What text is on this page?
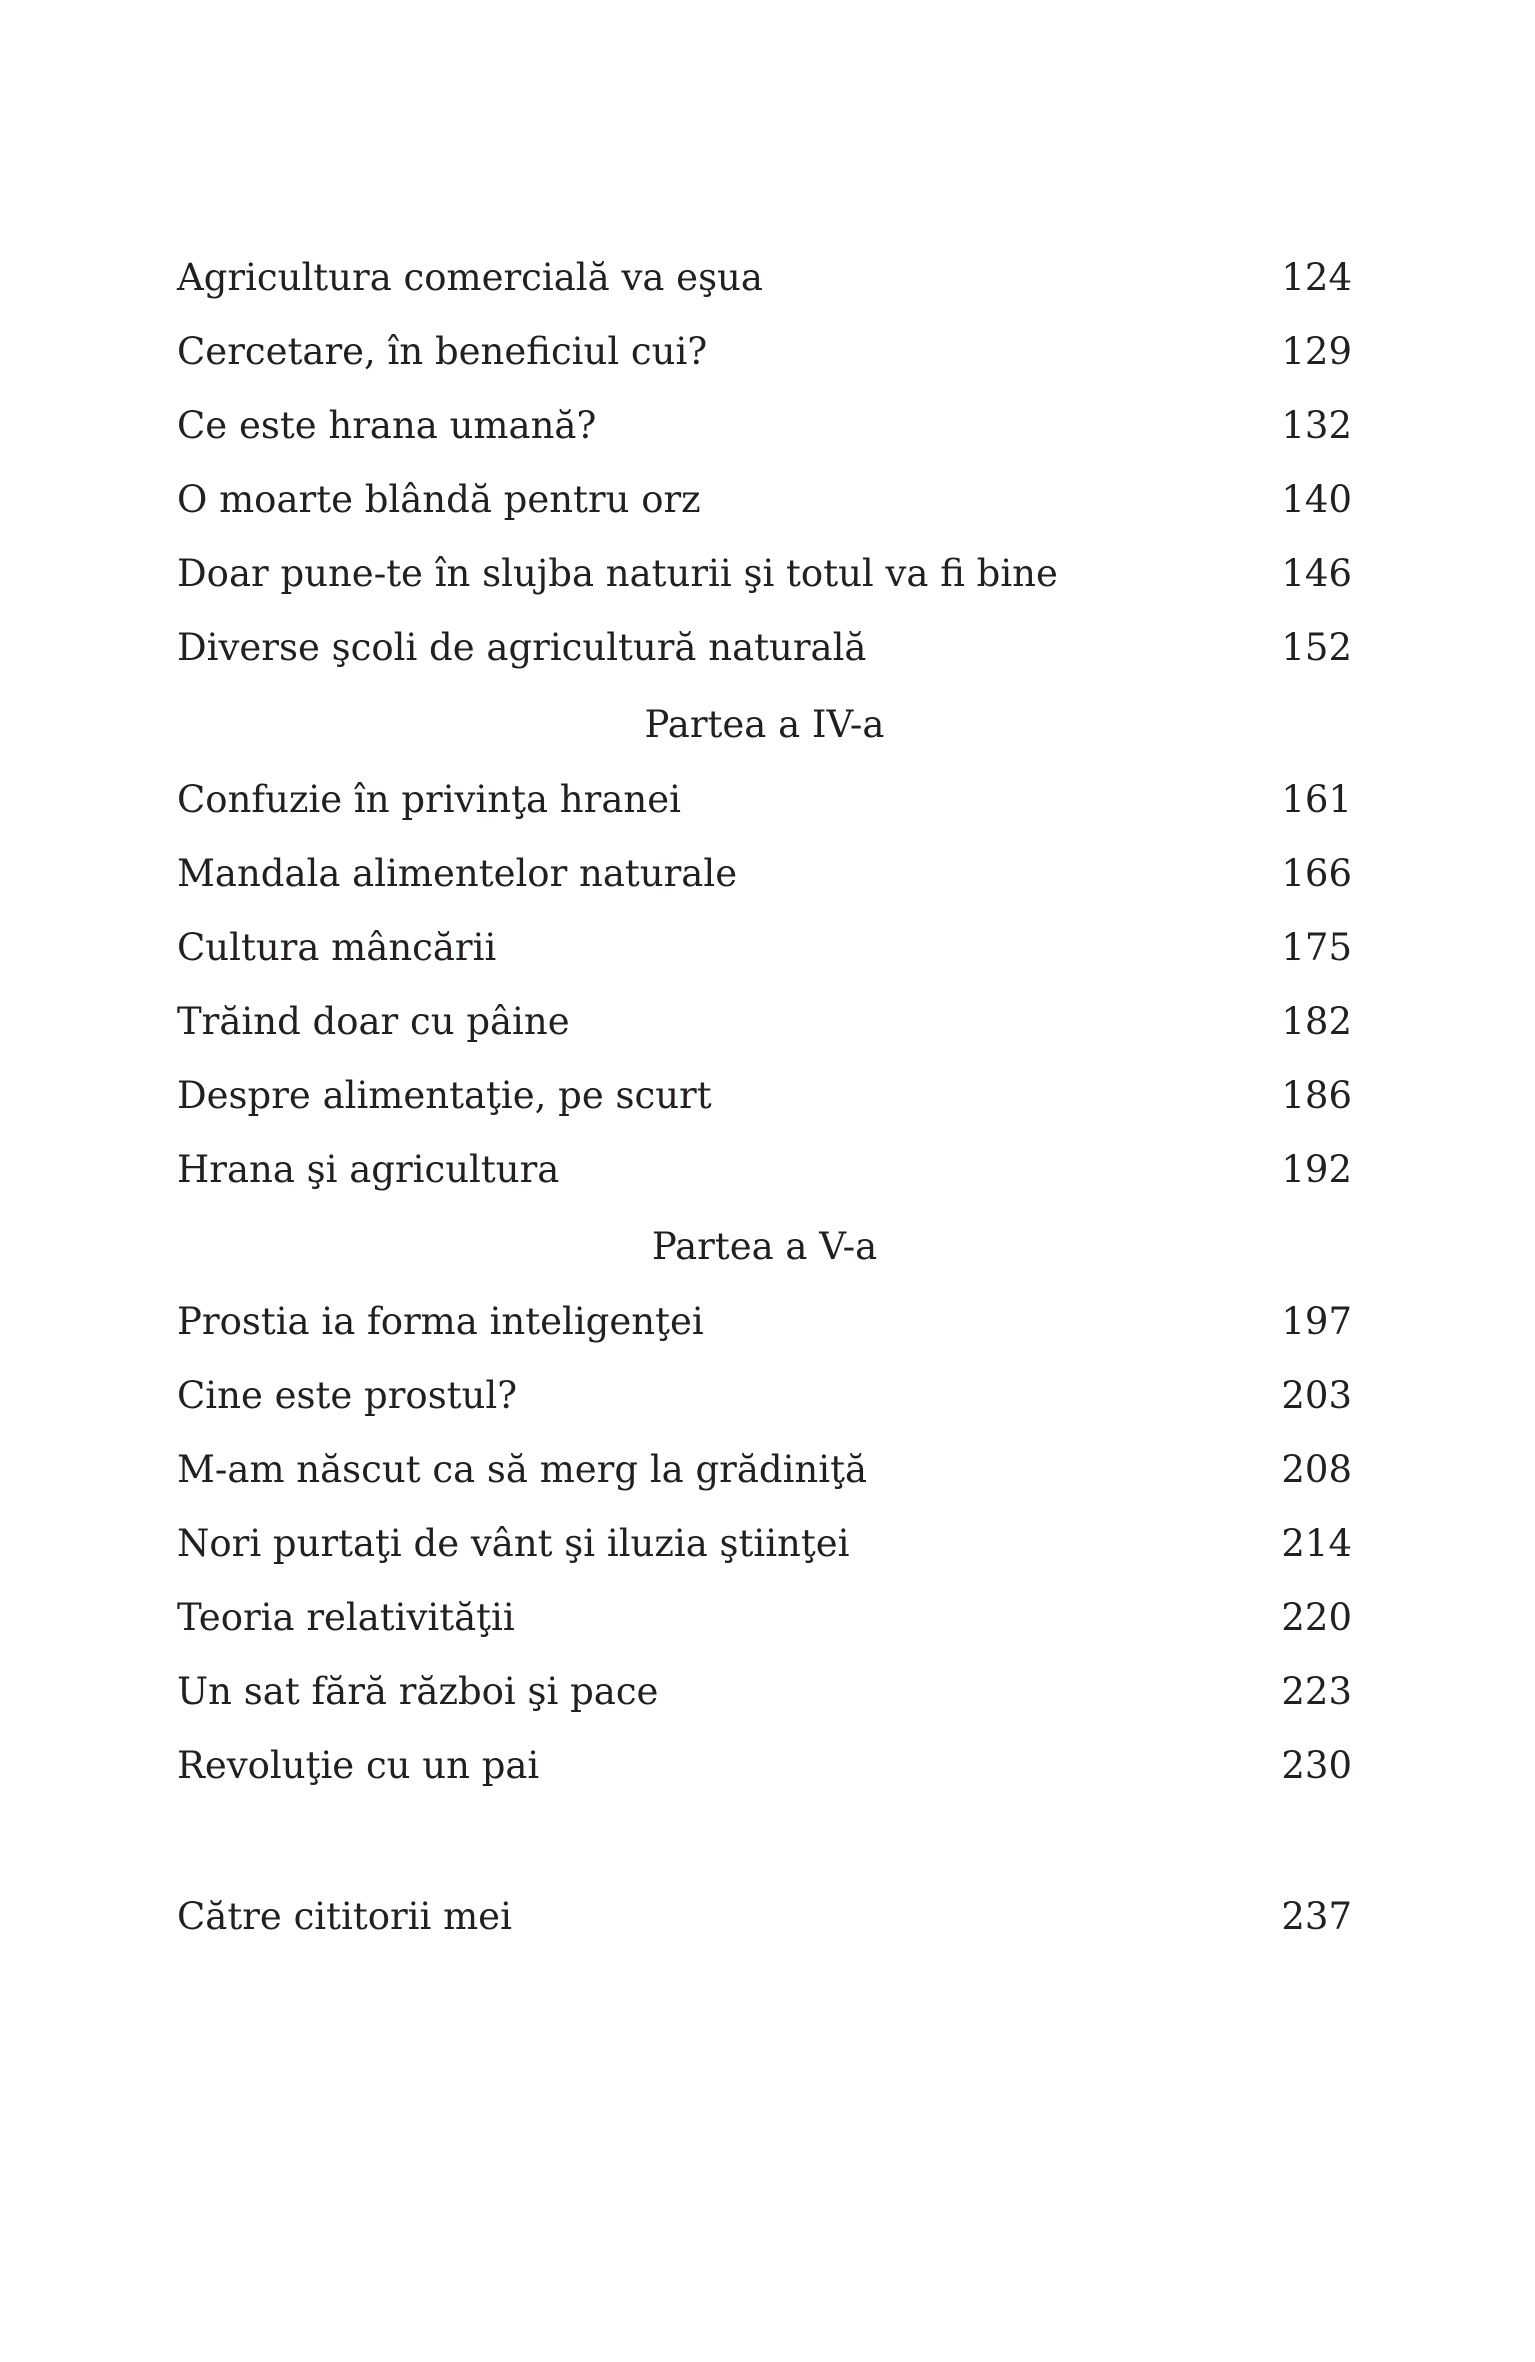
Agricultura comercială va eşua	124
Cercetare, în beneficiul cui?	129
Ce este hrana umană?	132
O moarte blândă pentru orz	140
Doar pune-te în slujba naturii şi totul va fi bine	146
Diverse şcoli de agricultură naturală	152
Partea a IV-a
Confuzie în privinţa hranei	161
Mandala alimentelor naturale	166
Cultura mâncării	175
Trăind doar cu pâine	182
Despre alimentaţie, pe scurt	186
Hrana şi agricultura	192
Partea a V-a
Prostia ia forma inteligenţei	197
Cine este prostul?	203
M-am născut ca să merg la grădiniţă	208
Nori purtaţi de vânt şi iluzia ştiinţei	214
Teoria relativităţii	220
Un sat fără război şi pace	223
Revoluţie cu un pai	230
Către cititorii mei	237
